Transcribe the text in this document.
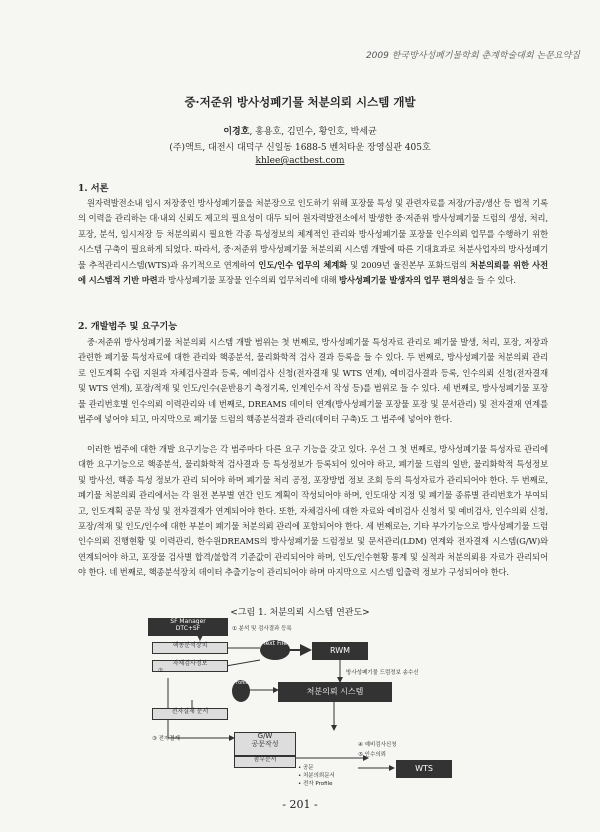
2009 한국방사성폐기물학회 춘계학술대회 논문요약집
중·저준위 방사성폐기물 처분의뢰 시스템 개발
이경호, 홍용호, 김민수, 황인호, 박세균
(주)액트, 대전시 대덕구 신일동 1688-5 벤처타운 장영실관 405호
khlee@actbest.com
1. 서론
원자력발전소내 임시 저장중인 방사성폐기물을 처분장으로 인도하기 위해 포장물 특성 및 관련자료를 저장/가공/생산 등 법적 기록의 이력을 관리하는 대·내외 신뢰도 제고의 필요성이 대두 되어 원자력발전소에서 발생한 중·저준위 방사성폐기물 드럼의 생성, 처리, 포장, 분석, 임시저장 등 처분의뢰시 필요한 각종 특성정보의 체계적인 관리와 방사성폐기물 포장물 인수의뢰 업무를 수행하기 위한 시스템 구축이 필요하게 되었다. 따라서, 중·저준위 방사성폐기물 처분의뢰 시스템 개발에 따른 기대효과로 처분사업자의 방사성폐기물 추적관리시스템(WTS)과 유기적으로 연계하여 인도/인수 업무의 체계화 및 2009년 울진본부 포화드럼의 처분의뢰를 위한 사전에 시스템적 기반 마련과 방사성폐기물 포장물 인수의뢰 업무처리에 대해 방사성폐기물 발생자의 업무 편의성을 들 수 있다.
2. 개발범주 및 요구기능
중·저준위 방사성폐기물 처분의뢰 시스템 개발 범위는 첫 번째로, 방사성폐기물 특성자료 관리로 폐기물 발생, 처리, 포장, 저장과 관련한 폐기물 특성자료에 대한 관리와 핵종분석, 물리화학적 검사 결과 등록을 들 수 있다. 두 번째로, 방사성폐기물 처분의뢰 관리로 인도계획 수립 지원과 자체검사결과 등록, 예비검사 신청(전자결재 및 WTS 연계), 예비검사결과 등록, 인수의뢰 신청(전자결재 및 WTS 연계), 포장/적재 및 인도/인수(운반용기 측정기록, 인계인수서 작성 등)를 범위로 들 수 있다. 세 번째로, 방사성폐기물 포장물 관리번호별 인수의뢰 이력관리와 네 번째로, DREAMS 데이터 연계(방사성폐기물 포장물 포장 및 문서관리) 및 전자결재 연계를 범주에 넣어야 되고, 마지막으로 폐기물 드럼의 핵종분석결과 관리(데이터 구축)도 그 범주에 넣어야 한다.
이러한 범주에 대한 개발 요구기능은 각 범주마다 다른 요구 기능을 갖고 있다. 우선 그 첫 번째로, 방사성폐기물 특성자료 관리에 대한 요구기능으로 핵종분석, 물리화학적 검사결과 등 특성정보가 등록되어 있어야 하고, 폐기물 드럼의 일반, 물리화학적 특성정보 및 방사선, 핵종 특성 정보가 관리 되어야 하며 폐기물 처리 공정, 포장방법 정보 조회 등의 특성자료가 관리되어야 한다. 두 번째로, 폐기물 처분의뢰 관리에서는 각 원전 본부별 연간 인도 계획이 작성되어야 하며, 인도대상 지정 및 폐기물 종류별 관리번호가 부여되고, 인도계획 공문 작성 및 전자결재가 연계되어야 한다. 또한, 자체검사에 대한 자료와 예비검사 신청서 및 예비검사, 인수의뢰 신청, 포장/적재 및 인도/인수에 대한 부분이 폐기물 처분의뢰 관리에 포함되어야 한다. 세 번째로는, 기타 부가기능으로 방사성폐기물 드럼 인수의뢰 진행현황 및 이력관리, 한수원DREAMS의 방사성폐기물 드럼정보 및 문서관리(LDM) 연계와 전자결재 시스템(G/W)와 연계되어야 하고, 포장물 검사별 합격/불합격 기준값이 관리되어야 하며, 인도/인수현황 통계 및 실적과 처분의뢰용 자료가 관리되어야 한다. 네 번째로, 핵종분석장치 데이터 추출기능이 관리되어야 하며 마지막으로 시스템 입출력 정보가 구성되어야 한다.
<그림 1. 처분의뢰 시스템 연관도>
SF Manager
DTC+SF	① 분석 및 검사결과 등록
핵종분석장치
자체검사정보
Text File
RWM
방사성폐기물 드럼정보 송수신
②
Profile
처분의뢰 시스템
전자결재 문서
③ 전자결재	G/W
공문작성
첨부문서
• 공문
• 처분의뢰문서
• 전자 Profile
④ 예비검사신청
⑤ 인수의뢰
WTS
- 201 -
